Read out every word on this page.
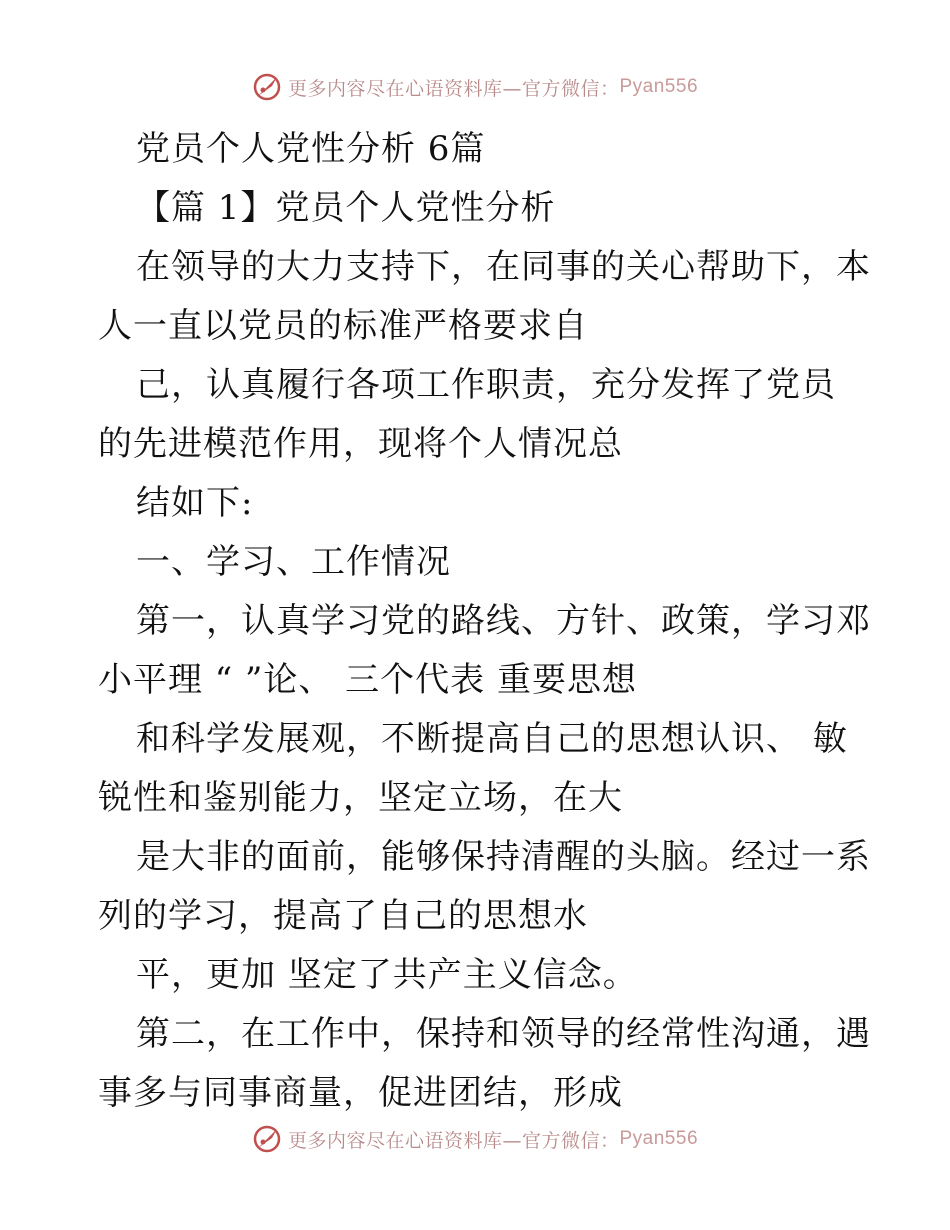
更多内容尽在心语资料库—官方微信： Pyan556
党员个人党性分析 6篇
【篇 1】党员个人党性分析
在领导的大力支持下，在同事的关心帮助下，本
人一直以党员的标准严格要求自
己，认真履行各项工作职责，充分发挥了党员
的先进模范作用，现将个人情况总
结如下:
一、学习、工作情况
第一，认真学习党的路线、方针、政策，学习邓
小平理 “ ”论、 三个代表 重要思想
和科学发展观，不断提高自己的思想认识、 敏
锐性和鉴别能力，坚定立场，在大
是大非的面前，能够保持清醒的头脑。经过一系
列的学习，提高了自己的思想水
平，更加 坚定了共产主义信念。
第二，在工作中，保持和领导的经常性沟通，遇
事多与同事商量，促进团结，形成
更多内容尽在心语资料库—官方微信： Pyan556
